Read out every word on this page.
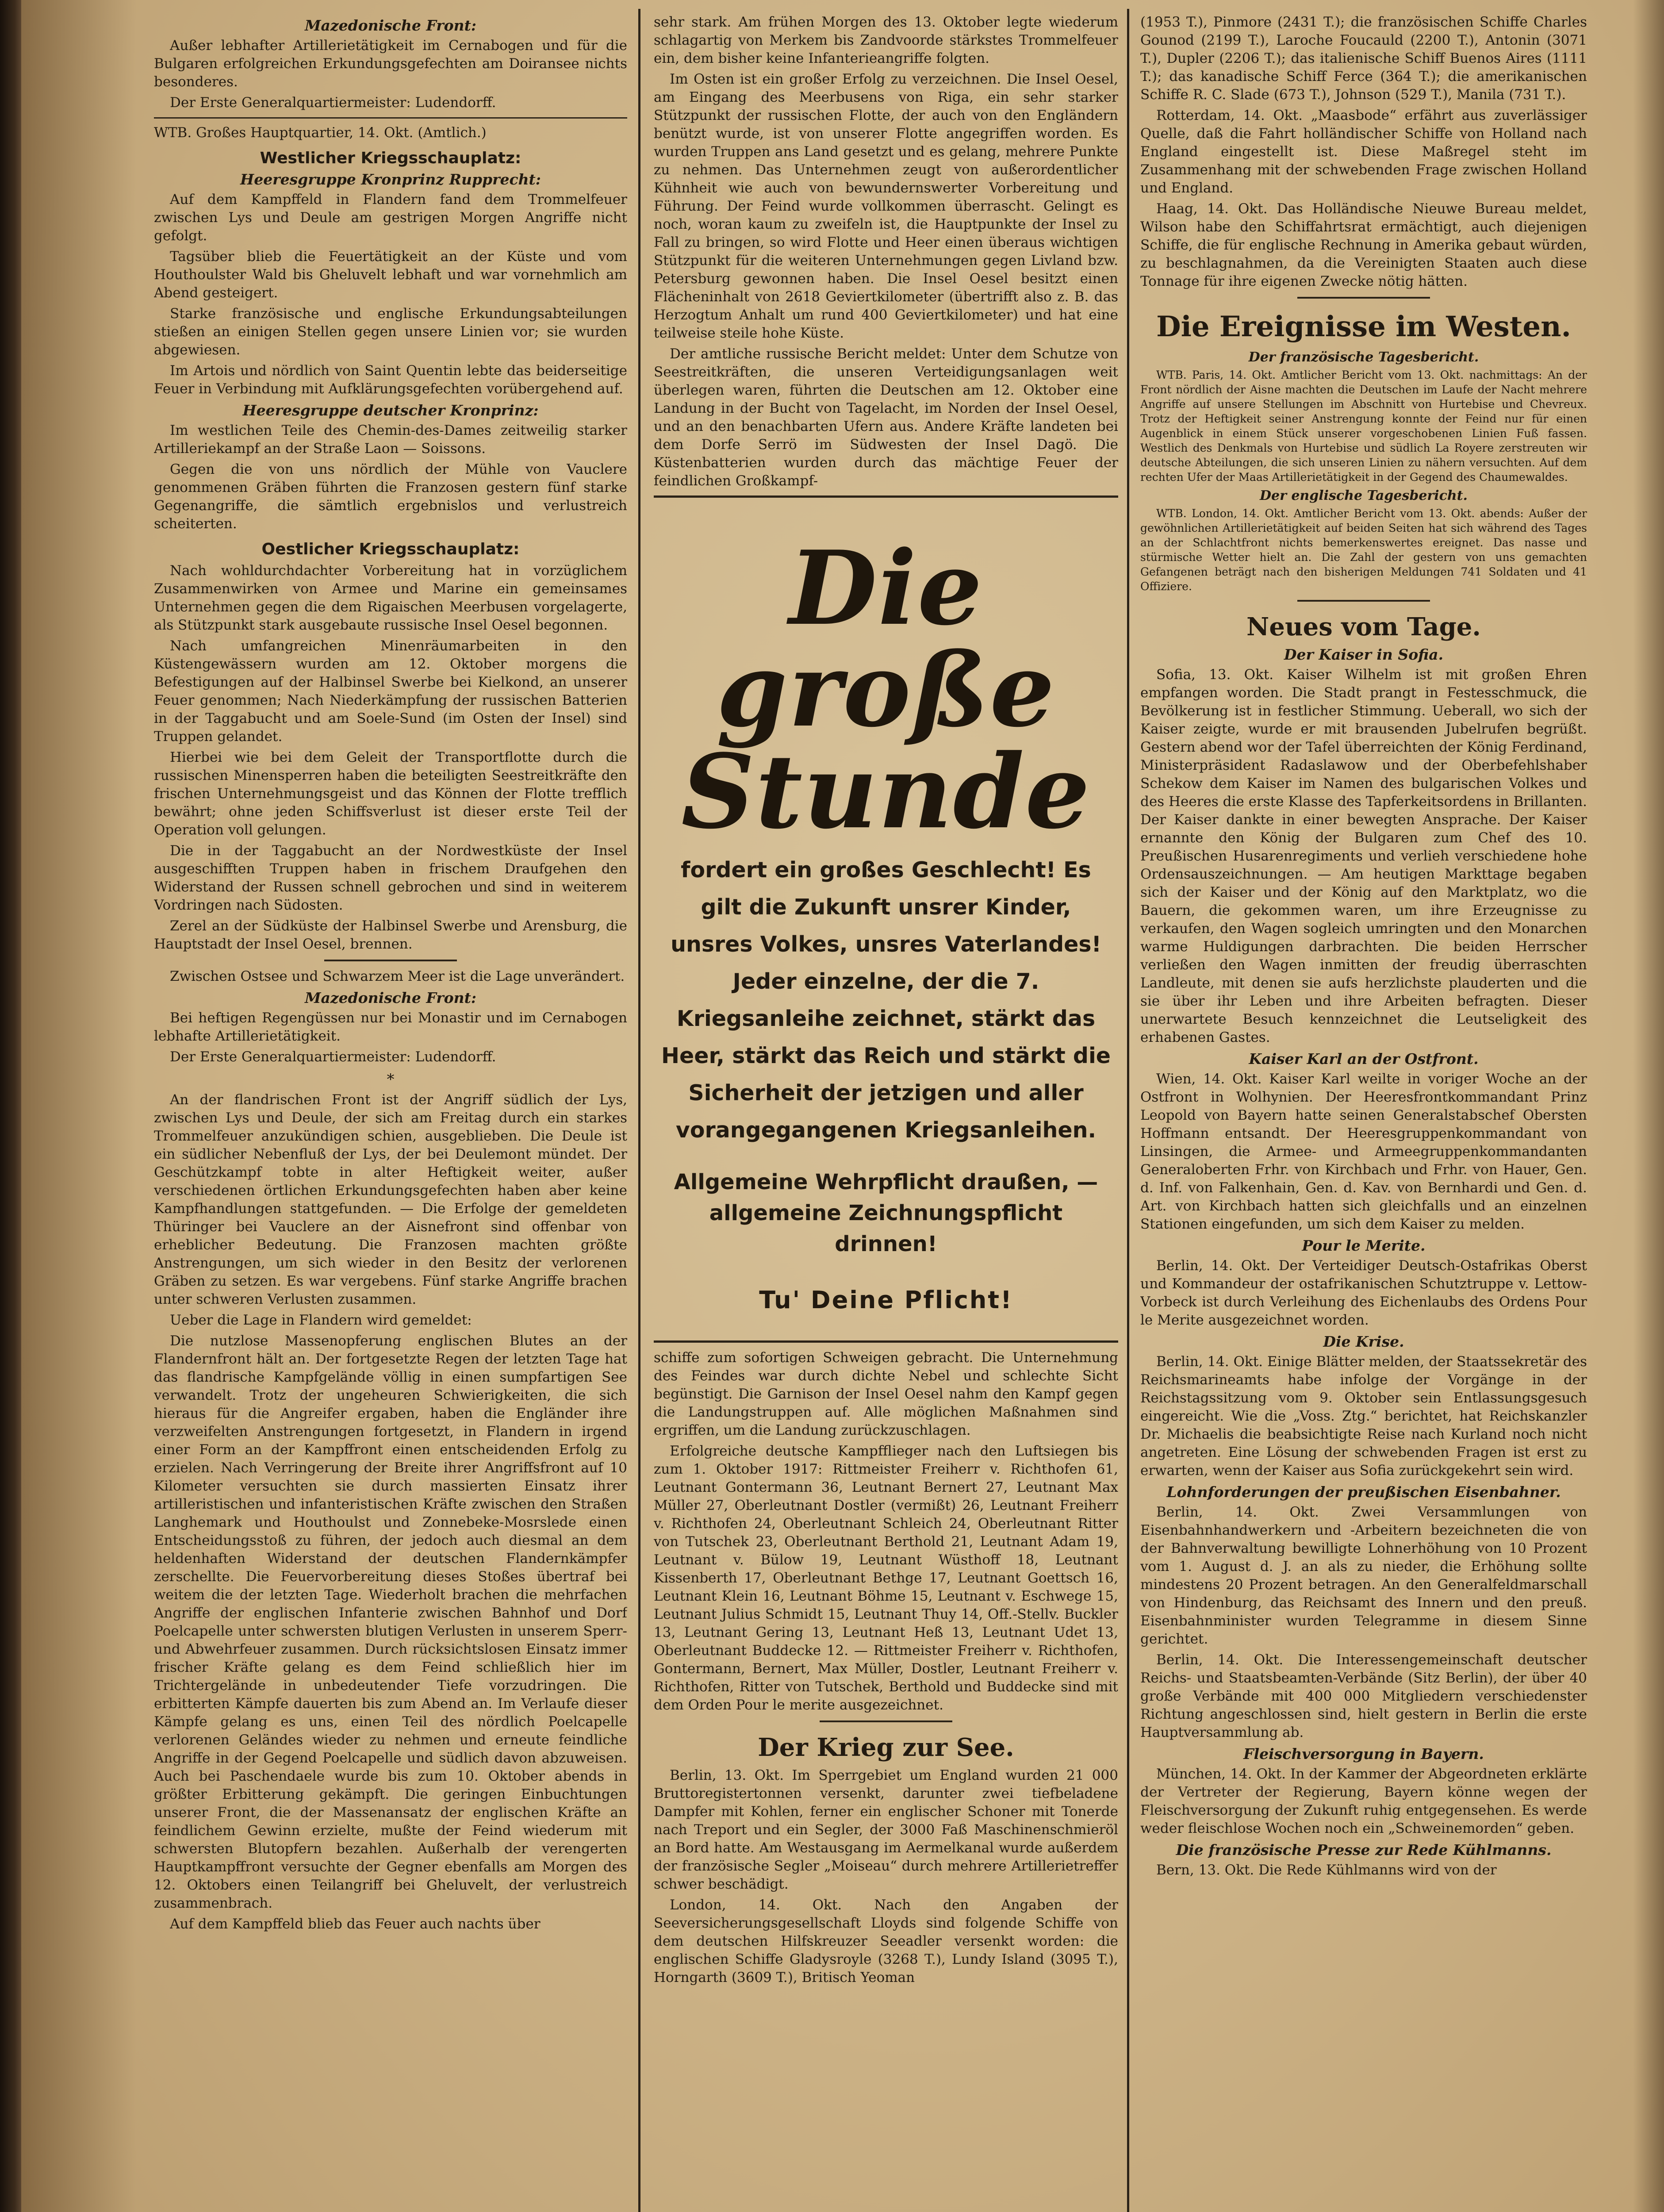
Mazedonische Front:

Außer lebhafter Artillerietätigkeit im Cernabogen und für die Bulgaren erfolgreichen Erkundungsgefechten am Doiransee nichts besonderes.

Der Erste Generalquartiermeister: Ludendorff.

WTB. Großes Hauptquartier, 14. Okt. (Amtlich.)

Westlicher Kriegsschauplatz:
Heeresgruppe Kronprinz Rupprecht:

Auf dem Kampffeld in Flandern fand dem Trommelfeuer zwischen Lys und Deule am gestrigen Morgen Angriffe nicht gefolgt.

Tagsüber blieb die Feuertätigkeit an der Küste und vom Houthoulster Wald bis Gheluvelt lebhaft und war vornehmlich am Abend gesteigert.

Starke französische und englische Erkundungsabteilungen stießen an einigen Stellen gegen unsere Linien vor; sie wurden abgewiesen.

Im Artois und nördlich von Saint Quentin lebte das beiderseitige Feuer in Verbindung mit Aufklärungsgefechten vorübergehend auf.

Heeresgruppe deutscher Kronprinz:

Im westlichen Teile des Chemin-des-Dames zeitweilig starker Artilleriekampf an der Straße Laon — Soissons.

Gegen die von uns nördlich der Mühle von Vauclere genommenen Gräben führten die Franzosen gestern fünf starke Gegenangriffe, die sämtlich ergebnislos und verlustreich scheiterten.

Oestlicher Kriegsschauplatz:

Nach wohldurchdachter Vorbereitung hat in vorzüglichem Zusammenwirken von Armee und Marine ein gemeinsames Unternehmen gegen die dem Rigaischen Meerbusen vorgelagerte, als Stützpunkt stark ausgebaute russische Insel Oesel begonnen.

Nach umfangreichen Minenräumarbeiten in den Küstengewässern wurden am 12. Oktober morgens die Befestigungen auf der Halbinsel Swerbe bei Kielkond, an unserer Feuer genommen; Nach Niederkämpfung der russischen Batterien in der Taggabucht und am Soele-Sund (im Osten der Insel) sind Truppen gelandet.

Hierbei wie bei dem Geleit der Transportflotte durch die russischen Minensperren haben die beteiligten Seestreitkräfte den frischen Unternehmungsgeist und das Können der Flotte trefflich bewährt; ohne jeden Schiffsverlust ist dieser erste Teil der Operation voll gelungen.

Die in der Taggabucht an der Nordwestküste der Insel ausgeschifften Truppen haben in frischem Draufgehen den Widerstand der Russen schnell gebrochen und sind in weiterem Vordringen nach Südosten.

Zerel an der Südküste der Halbinsel Swerbe und Arensburg, die Hauptstadt der Insel Oesel, brennen.

Zwischen Ostsee und Schwarzem Meer ist die Lage unverändert.

Mazedonische Front:

Bei heftigen Regengüssen nur bei Monastir und im Cernabogen lebhafte Artillerietätigkeit.

Der Erste Generalquartiermeister: Ludendorff.
*

An der flandrischen Front ist der Angriff südlich der Lys, zwischen Lys und Deule, der sich am Freitag durch ein starkes Trommelfeuer anzukündigen schien, ausgeblieben. Die Deule ist ein südlicher Nebenfluß der Lys, der bei Deulemont mündet. Der Geschützkampf tobte in alter Heftigkeit weiter, außer verschiedenen örtlichen Erkundungsgefechten haben aber keine Kampfhandlungen stattgefunden. — Die Erfolge der gemeldeten Thüringer bei Vauclere an der Aisnefront sind offenbar von erheblicher Bedeutung. Die Franzosen machten größte Anstrengungen, um sich wieder in den Besitz der verlorenen Gräben zu setzen. Es war vergebens. Fünf starke Angriffe brachen unter schweren Verlusten zusammen.

Ueber die Lage in Flandern wird gemeldet:

Die nutzlose Massenopferung englischen Blutes an der Flandernfront hält an. Der fortgesetzte Regen der letzten Tage hat das flandrische Kampfgelände völlig in einen sumpfartigen See verwandelt. Trotz der ungeheuren Schwierigkeiten, die sich hieraus für die Angreifer ergaben, haben die Engländer ihre verzweifelten Anstrengungen fortgesetzt, in Flandern in irgend einer Form an der Kampffront einen entscheidenden Erfolg zu erzielen. Nach Verringerung der Breite ihrer Angriffsfront auf 10 Kilometer versuchten sie durch massierten Einsatz ihrer artilleristischen und infanteristischen Kräfte zwischen den Straßen Langhemark und Houthoulst und Zonnebeke-Mosrslede einen Entscheidungsstoß zu führen, der jedoch auch diesmal an dem heldenhaften Widerstand der deutschen Flandernkämpfer zerschellte. Die Feuervorbereitung dieses Stoßes übertraf bei weitem die der letzten Tage. Wiederholt brachen die mehrfachen Angriffe der englischen Infanterie zwischen Bahnhof und Dorf Poelcapelle unter schwersten blutigen Verlusten in unserem Sperr- und Abwehrfeuer zusammen. Durch rücksichtslosen Einsatz immer frischer Kräfte gelang es dem Feind schließlich hier im Trichtergelände in unbedeutender Tiefe vorzudringen. Die erbitterten Kämpfe dauerten bis zum Abend an. Im Verlaufe dieser Kämpfe gelang es uns, einen Teil des nördlich Poelcapelle verlorenen Geländes wieder zu nehmen und erneute feindliche Angriffe in der Gegend Poelcapelle und südlich davon abzuweisen. Auch bei Paschendaele wurde bis zum 10. Oktober abends in größter Erbitterung gekämpft. Die geringen Einbuchtungen unserer Front, die der Massenansatz der englischen Kräfte an feindlichem Gewinn erzielte, mußte der Feind wiederum mit schwersten Blutopfern bezahlen. Außerhalb der verengerten Hauptkampffront versuchte der Gegner ebenfalls am Morgen des 12. Oktobers einen Teilangriff bei Gheluvelt, der verlustreich zusammenbrach.

Auf dem Kampffeld blieb das Feuer auch nachts über

sehr stark. Am frühen Morgen des 13. Oktober legte wiederum schlagartig von Merkem bis Zandvoorde stärkstes Trommelfeuer ein, dem bisher keine Infanterieangriffe folgten.

Im Osten ist ein großer Erfolg zu verzeichnen. Die Insel Oesel, am Eingang des Meerbusens von Riga, ein sehr starker Stützpunkt der russischen Flotte, der auch von den Engländern benützt wurde, ist von unserer Flotte angegriffen worden. Es wurden Truppen ans Land gesetzt und es gelang, mehrere Punkte zu nehmen. Das Unternehmen zeugt von außerordentlicher Kühnheit wie auch von bewundernswerter Vorbereitung und Führung. Der Feind wurde vollkommen überrascht. Gelingt es noch, woran kaum zu zweifeln ist, die Hauptpunkte der Insel zu Fall zu bringen, so wird Flotte und Heer einen überaus wichtigen Stützpunkt für die weiteren Unternehmungen gegen Livland bzw. Petersburg gewonnen haben. Die Insel Oesel besitzt einen Flächeninhalt von 2618 Geviertkilometer (übertrifft also z. B. das Herzogtum Anhalt um rund 400 Geviertkilometer) und hat eine teilweise steile hohe Küste.

Der amtliche russische Bericht meldet: Unter dem Schutze von Seestreitkräften, die unseren Verteidigungsanlagen weit überlegen waren, führten die Deutschen am 12. Oktober eine Landung in der Bucht von Tagelacht, im Norden der Insel Oesel, und an den benachbarten Ufern aus. Andere Kräfte landeten bei dem Dorfe Serrö im Südwesten der Insel Dagö. Die Küstenbatterien wurden durch das mächtige Feuer der feindlichen Großkampf-

Die
große
Stunde
fordert ein großes Geschlecht! Es gilt die Zukunft unsrer Kinder, unsres Volkes, unsres Vaterlandes! Jeder einzelne, der die 7. Kriegsanleihe zeichnet, stärkt das Heer, stärkt das Reich und stärkt die Sicherheit der jetzigen und aller vorangegangenen Kriegsanleihen.
Allgemeine Wehrpflicht draußen, — allgemeine Zeichnungspflicht drinnen!
Tu' Deine Pflicht!

schiffe zum sofortigen Schweigen gebracht. Die Unternehmung des Feindes war durch dichte Nebel und schlechte Sicht begünstigt. Die Garnison der Insel Oesel nahm den Kampf gegen die Landungstruppen auf. Alle möglichen Maßnahmen sind ergriffen, um die Landung zurückzuschlagen.

Erfolgreiche deutsche Kampfflieger nach den Luftsiegen bis zum 1. Oktober 1917: Rittmeister Freiherr v. Richthofen 61, Leutnant Gontermann 36, Leutnant Bernert 27, Leutnant Max Müller 27, Oberleutnant Dostler (vermißt) 26, Leutnant Freiherr v. Richthofen 24, Oberleutnant Schleich 24, Oberleutnant Ritter von Tutschek 23, Oberleutnant Berthold 21, Leutnant Adam 19, Leutnant v. Bülow 19, Leutnant Wüsthoff 18, Leutnant Kissenberth 17, Oberleutnant Bethge 17, Leutnant Goettsch 16, Leutnant Klein 16, Leutnant Böhme 15, Leutnant v. Eschwege 15, Leutnant Julius Schmidt 15, Leutnant Thuy 14, Off.-Stellv. Buckler 13, Leutnant Gering 13, Leutnant Heß 13, Leutnant Udet 13, Oberleutnant Buddecke 12. — Rittmeister Freiherr v. Richthofen, Gontermann, Bernert, Max Müller, Dostler, Leutnant Freiherr v. Richthofen, Ritter von Tutschek, Berthold und Buddecke sind mit dem Orden Pour le merite ausgezeichnet.

Der Krieg zur See.

Berlin, 13. Okt. Im Sperrgebiet um England wurden 21 000 Bruttoregistertonnen versenkt, darunter zwei tiefbeladene Dampfer mit Kohlen, ferner ein englischer Schoner mit Tonerde nach Treport und ein Segler, der 3000 Faß Maschinenschmieröl an Bord hatte. Am Westausgang im Aermelkanal wurde außerdem der französische Segler „Moiseau“ durch mehrere Artillerietreffer schwer beschädigt.

London, 14. Okt. Nach den Angaben der Seeversicherungsgesellschaft Lloyds sind folgende Schiffe von dem deutschen Hilfskreuzer Seeadler versenkt worden: die englischen Schiffe Gladysroyle (3268 T.), Lundy Island (3095 T.), Horngarth (3609 T.), Britisch Yeoman

(1953 T.), Pinmore (2431 T.); die französischen Schiffe Charles Gounod (2199 T.), Laroche Foucauld (2200 T.), Antonin (3071 T.), Dupler (2206 T.); das italienische Schiff Buenos Aires (1111 T.); das kanadische Schiff Ferce (364 T.); die amerikanischen Schiffe R. C. Slade (673 T.), Johnson (529 T.), Manila (731 T.).

Rotterdam, 14. Okt. „Maasbode“ erfährt aus zuverlässiger Quelle, daß die Fahrt holländischer Schiffe von Holland nach England eingestellt ist. Diese Maßregel steht im Zusammenhang mit der schwebenden Frage zwischen Holland und England.

Haag, 14. Okt. Das Holländische Nieuwe Bureau meldet, Wilson habe den Schiffahrtsrat ermächtigt, auch diejenigen Schiffe, die für englische Rechnung in Amerika gebaut würden, zu beschlagnahmen, da die Vereinigten Staaten auch diese Tonnage für ihre eigenen Zwecke nötig hätten.

Die Ereignisse im Westen.
Der französische Tagesbericht.

WTB. Paris, 14. Okt. Amtlicher Bericht vom 13. Okt. nachmittags: An der Front nördlich der Aisne machten die Deutschen im Laufe der Nacht mehrere Angriffe auf unsere Stellungen im Abschnitt von Hurtebise und Chevreux. Trotz der Heftigkeit seiner Anstrengung konnte der Feind nur für einen Augenblick in einem Stück unserer vorgeschobenen Linien Fuß fassen. Westlich des Denkmals von Hurtebise und südlich La Royere zerstreuten wir deutsche Abteilungen, die sich unseren Linien zu nähern versuchten. Auf dem rechten Ufer der Maas Artillerietätigkeit in der Gegend des Chaumewaldes.

Der englische Tagesbericht.

WTB. London, 14. Okt. Amtlicher Bericht vom 13. Okt. abends: Außer der gewöhnlichen Artillerietätigkeit auf beiden Seiten hat sich während des Tages an der Schlachtfront nichts bemerkenswertes ereignet. Das nasse und stürmische Wetter hielt an. Die Zahl der gestern von uns gemachten Gefangenen beträgt nach den bisherigen Meldungen 741 Soldaten und 41 Offiziere.

Neues vom Tage.
Der Kaiser in Sofia.

Sofia, 13. Okt. Kaiser Wilhelm ist mit großen Ehren empfangen worden. Die Stadt prangt in Festesschmuck, die Bevölkerung ist in festlicher Stimmung. Ueberall, wo sich der Kaiser zeigte, wurde er mit brausenden Jubelrufen begrüßt. Gestern abend wor der Tafel überreichten der König Ferdinand, Ministerpräsident Radaslawow und der Oberbefehlshaber Schekow dem Kaiser im Namen des bulgarischen Volkes und des Heeres die erste Klasse des Tapferkeitsordens in Brillanten. Der Kaiser dankte in einer bewegten Ansprache. Der Kaiser ernannte den König der Bulgaren zum Chef des 10. Preußischen Husarenregiments und verlieh verschiedene hohe Ordensauszeichnungen. — Am heutigen Markttage begaben sich der Kaiser und der König auf den Marktplatz, wo die Bauern, die gekommen waren, um ihre Erzeugnisse zu verkaufen, den Wagen sogleich umringten und den Monarchen warme Huldigungen darbrachten. Die beiden Herrscher verließen den Wagen inmitten der freudig überraschten Landleute, mit denen sie aufs herzlichste plauderten und die sie über ihr Leben und ihre Arbeiten befragten. Dieser unerwartete Besuch kennzeichnet die Leutseligkeit des erhabenen Gastes.

Kaiser Karl an der Ostfront.

Wien, 14. Okt. Kaiser Karl weilte in voriger Woche an der Ostfront in Wolhynien. Der Heeresfrontkommandant Prinz Leopold von Bayern hatte seinen Generalstabschef Obersten Hoffmann entsandt. Der Heeresgruppenkommandant von Linsingen, die Armee- und Armeegruppenkommandanten Generaloberten Frhr. von Kirchbach und Frhr. von Hauer, Gen. d. Inf. von Falkenhain, Gen. d. Kav. von Bernhardi und Gen. d. Art. von Kirchbach hatten sich gleichfalls und an einzelnen Stationen eingefunden, um sich dem Kaiser zu melden.

Pour le Merite.

Berlin, 14. Okt. Der Verteidiger Deutsch-Ostafrikas Oberst und Kommandeur der ostafrikanischen Schutztruppe v. Lettow-Vorbeck ist durch Verleihung des Eichenlaubs des Ordens Pour le Merite ausgezeichnet worden.

Die Krise.

Berlin, 14. Okt. Einige Blätter melden, der Staatssekretär des Reichsmarineamts habe infolge der Vorgänge in der Reichstagssitzung vom 9. Oktober sein Entlassungsgesuch eingereicht. Wie die „Voss. Ztg.“ berichtet, hat Reichskanzler Dr. Michaelis die beabsichtigte Reise nach Kurland noch nicht angetreten. Eine Lösung der schwebenden Fragen ist erst zu erwarten, wenn der Kaiser aus Sofia zurückgekehrt sein wird.

Lohnforderungen der preußischen Eisenbahner.

Berlin, 14. Okt. Zwei Versammlungen von Eisenbahnhandwerkern und -Arbeitern bezeichneten die von der Bahnverwaltung bewilligte Lohnerhöhung von 10 Prozent vom 1. August d. J. an als zu nieder, die Erhöhung sollte mindestens 20 Prozent betragen. An den Generalfeldmarschall von Hindenburg, das Reichsamt des Innern und den preuß. Eisenbahnminister wurden Telegramme in diesem Sinne gerichtet.

Berlin, 14. Okt. Die Interessengemeinschaft deutscher Reichs- und Staatsbeamten-Verbände (Sitz Berlin), der über 40 große Verbände mit 400 000 Mitgliedern verschiedenster Richtung angeschlossen sind, hielt gestern in Berlin die erste Hauptversammlung ab.

Fleischversorgung in Bayern.

München, 14. Okt. In der Kammer der Abgeordneten erklärte der Vertreter der Regierung, Bayern könne wegen der Fleischversorgung der Zukunft ruhig entgegensehen. Es werde weder fleischlose Wochen noch ein „Schweinemorden“ geben.

Die französische Presse zur Rede Kühlmanns.

Bern, 13. Okt. Die Rede Kühlmanns wird von der
